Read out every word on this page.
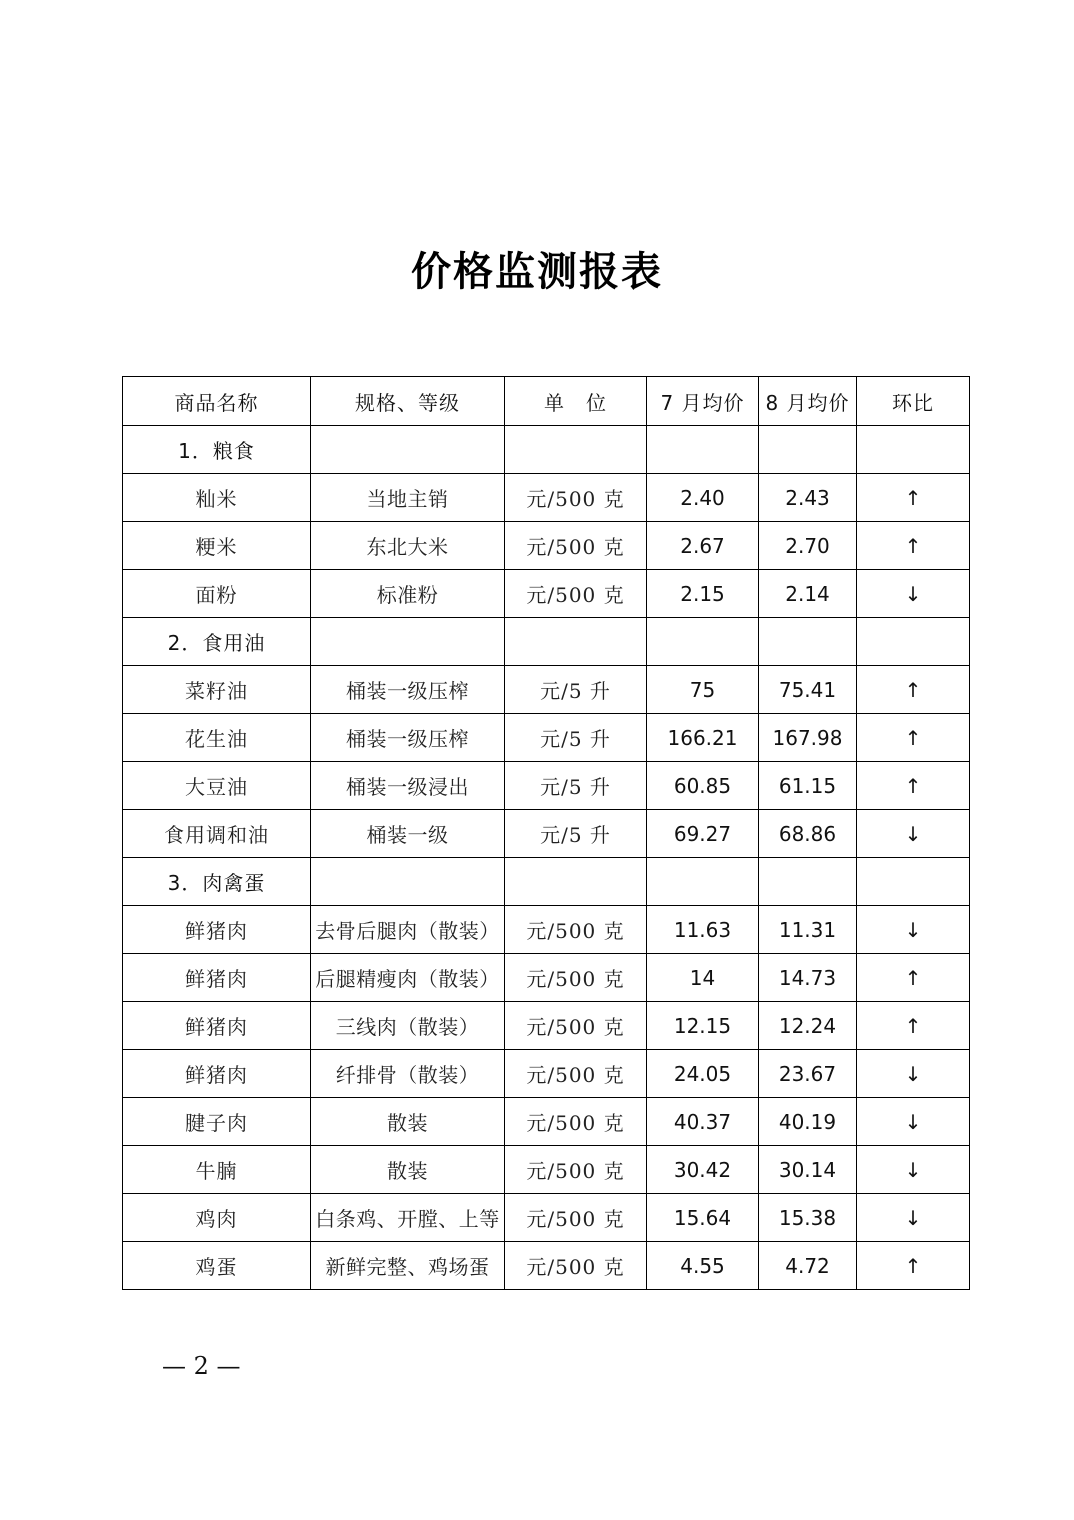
价格监测报表
商品名称	规格、等级	单　位	7 月均价	8 月均价	环比
1．粮食					
籼米	当地主销	元/500 克	2.40	2.43	↑
粳米	东北大米	元/500 克	2.67	2.70	↑
面粉	标准粉	元/500 克	2.15	2.14	↓
2．食用油					
菜籽油	桶装一级压榨	元/5 升	75	75.41	↑
花生油	桶装一级压榨	元/5 升	166.21	167.98	↑
大豆油	桶装一级浸出	元/5 升	60.85	61.15	↑
食用调和油	桶装一级	元/5 升	69.27	68.86	↓
3．肉禽蛋					
鲜猪肉	去骨后腿肉（散装）	元/500 克	11.63	11.31	↓
鲜猪肉	后腿精瘦肉（散装）	元/500 克	14	14.73	↑
鲜猪肉	三线肉（散装）	元/500 克	12.15	12.24	↑
鲜猪肉	纤排骨（散装）	元/500 克	24.05	23.67	↓
腱子肉	散装	元/500 克	40.37	40.19	↓
牛腩	散装	元/500 克	30.42	30.14	↓
鸡肉	白条鸡、开膛、上等	元/500 克	15.64	15.38	↓
鸡蛋	新鲜完整、鸡场蛋	元/500 克	4.55	4.72	↑
— 2 —
